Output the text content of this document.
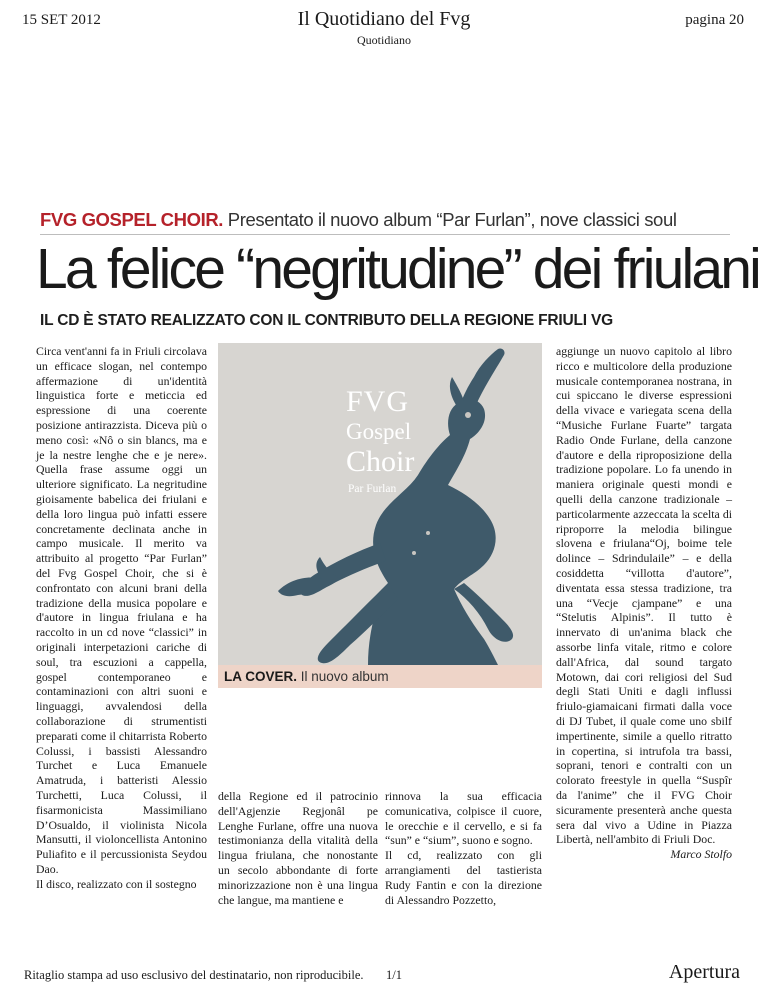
15 SET 2012	Il Quotidiano del Fvg
Quotidiano
pagina 20
FVG GOSPEL CHOIR. Presentato il nuovo album “Par Furlan”, nove classici soul
La felice “negritudine” dei friulani
IL CD È STATO REALIZZATO CON IL CONTRIBUTO DELLA REGIONE FRIULI VG

Circa vent'anni fa in Friuli circolava un efficace slogan, nel contempo affermazione di un'identità linguistica forte e meticcia ed espressione di una coerente posizione antirazzista. Diceva più o meno così: «Nô o sin blancs, ma e je la nestre lenghe che e je nere». Quella frase assume oggi un ulteriore significato. La negritudine gioisamente babelica dei friulani e della loro lingua può infatti essere concretamente declinata anche in campo musicale. Il merito va attribuito al progetto “Par Furlan” del Fvg Gospel Choir, che si è confrontato con alcuni brani della tradizione della musica popolare e d'autore in lingua friulana e ha raccolto in un cd nove “classici” in originali interpetazioni cariche di soul, tra escuzioni a cappella, gospel contemporaneo e contaminazioni con altri suoni e linguaggi, avvalendosi della collaborazione di strumentisti preparati come il chitarrista Roberto Colussi, i bassisti Alessandro Turchet e Luca Emanuele Amatruda, i batteristi Alessio Turchetti, Luca Colussi, il fisarmonicista Massimiliano D’Osualdo, il violinista Nicola Mansutti, il violoncellista Antonino Puliafito e il percussionista Seydou Dao.

Il disco, realizzato con il sostegno

FVG
Gospel
Choir
Par Furlan
LA COVER. Il nuovo album

della Regione ed il patrocinio dell'Agjenzie Regjonâl pe Lenghe Furlane, offre una nuova testimonianza della vitalità della lingua friulana, che nonostante un secolo abbondante di forte minorizzazione non è una lingua che langue, ma mantiene e

rinnova la sua efficacia comunicativa, colpisce il cuore, le orecchie e il cervello, e si fa “sun” e “sium”, suono e sogno.

Il cd, realizzato con gli arrangiamenti del tastierista Rudy Fantin e con la direzione di Alessandro Pozzetto,

aggiunge un nuovo capitolo al libro ricco e multicolore della produzione musicale contemporanea nostrana, in cui spiccano le diverse espressioni della vivace e variegata scena della “Musiche Furlane Fuarte” targata Radio Onde Furlane, della canzone d'autore e della riproposizione della tradizione popolare. Lo fa unendo in maniera originale questi mondi e quelli della canzone tradizionale – particolarmente azzeccata la scelta di riproporre la melodia bilingue slovena e friulana“Oj, boime tele dolince – Sdrindulaile” – e della cosiddetta “villotta d'autore”, diventata essa stessa tradizione, tra una “Vecje cjampane” e una “Stelutis Alpinis”. Il tutto è innervato di un'anima black che assorbe linfa vitale, ritmo e colore dall'Africa, dal sound targato Motown, dai cori religiosi del Sud degli Stati Uniti e dagli influssi friulo-giamaicani firmati dalla voce di DJ Tubet, il quale come uno sbilf impertinente, simile a quello ritratto in copertina, si intrufola tra bassi, soprani, tenori e contralti con un colorato freestyle in quella “Suspîr da l'anime” che il FVG Choir sicuramente presenterà anche questa sera dal vivo a Udine in Piazza Libertà, nell'ambito di Friuli Doc.

Marco Stolfo

Ritaglio stampa ad uso esclusivo del destinatario, non riproducibile. 1/1	Apertura
